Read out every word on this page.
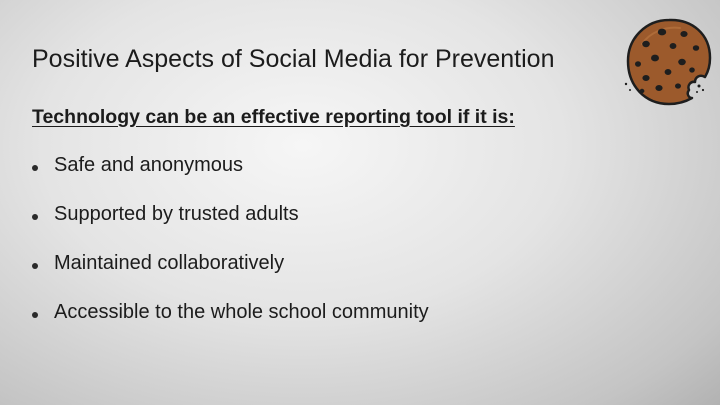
Positive Aspects of Social Media for Prevention
Technology can be an effective reporting tool if it is:
Safe and anonymous
Supported by trusted adults
Maintained collaboratively
Accessible to the whole school community
